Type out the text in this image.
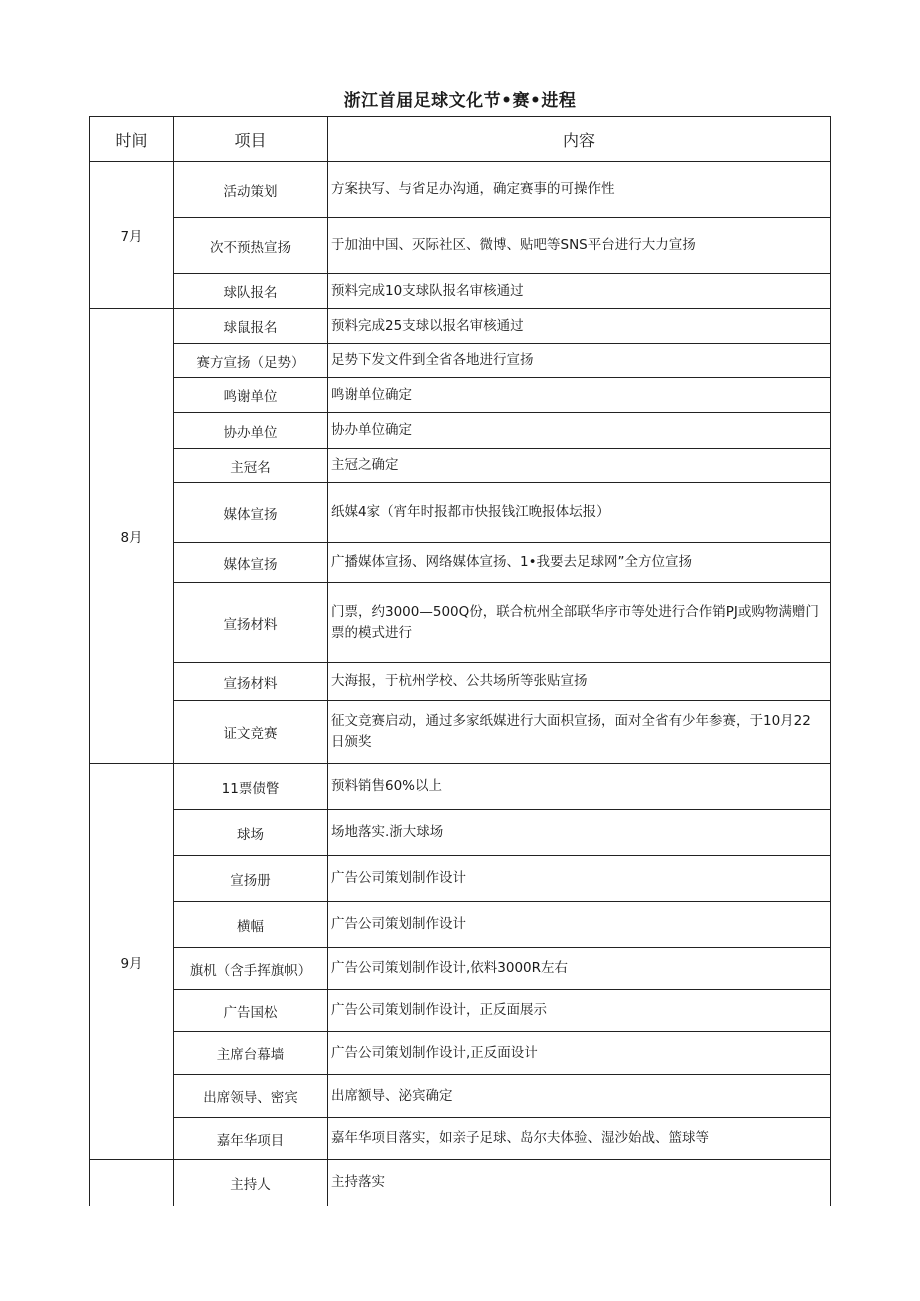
浙江首届足球文化节•赛•进程
时间	项目	内容
7月	活动策划	方案抉写、与省足办沟通，确定赛事的可操作性
	次不预热宣扬	于加油中国、灭际社区、微博、贴吧等SNS平台进行大力宣扬
	球队报名	预料完成10支球队报名审核通过
8月	球鼠报名	预料完成25支球以报名审核通过
	赛方宣扬（足势）	足势下发文件到全省各地进行宣扬
	鸣谢单位	鸣谢单位确定
	协办单位	协办单位确定
	主冠名	主冠之确定
	媒体宣扬	纸媒4家（宵年时报都市快报钱江晚报体坛报）
	媒体宣扬	广播媒体宣扬、网络媒体宣扬、1•我要去足球网”全方位宣扬
	宣扬材料	门票，约3000—500Q份，联合杭州全部联华序市等处进行合作销PJ或购物满赠门票的模式进行
	宣扬材料	大海报，于杭州学校、公共场所等张贴宣扬
	证文竞赛	征文竞赛启动，通过多家纸媒进行大面枳宣扬，面对全省有少年参赛，于10月22日颁奖
9月	11票债瞥	预料销售60%以上
	球场	场地落实.浙大球场
	宣扬册	广告公司策划制作设计
	横幅	广告公司策划制作设计
	旗机（含手挥旗帜）	广告公司策划制作设计,依料3000R左右
	广告国松	广告公司策划制作设计，正反面展示
	主席台幕墙	广告公司策划制作设计,正反面设计
	出席领导、密宾	出席额导、泌宾确定
	嘉年华项目	嘉年华项目落实，如亲子足球、岛尔夫体验、湿沙始战、篮球等
	主持人	主持落实
